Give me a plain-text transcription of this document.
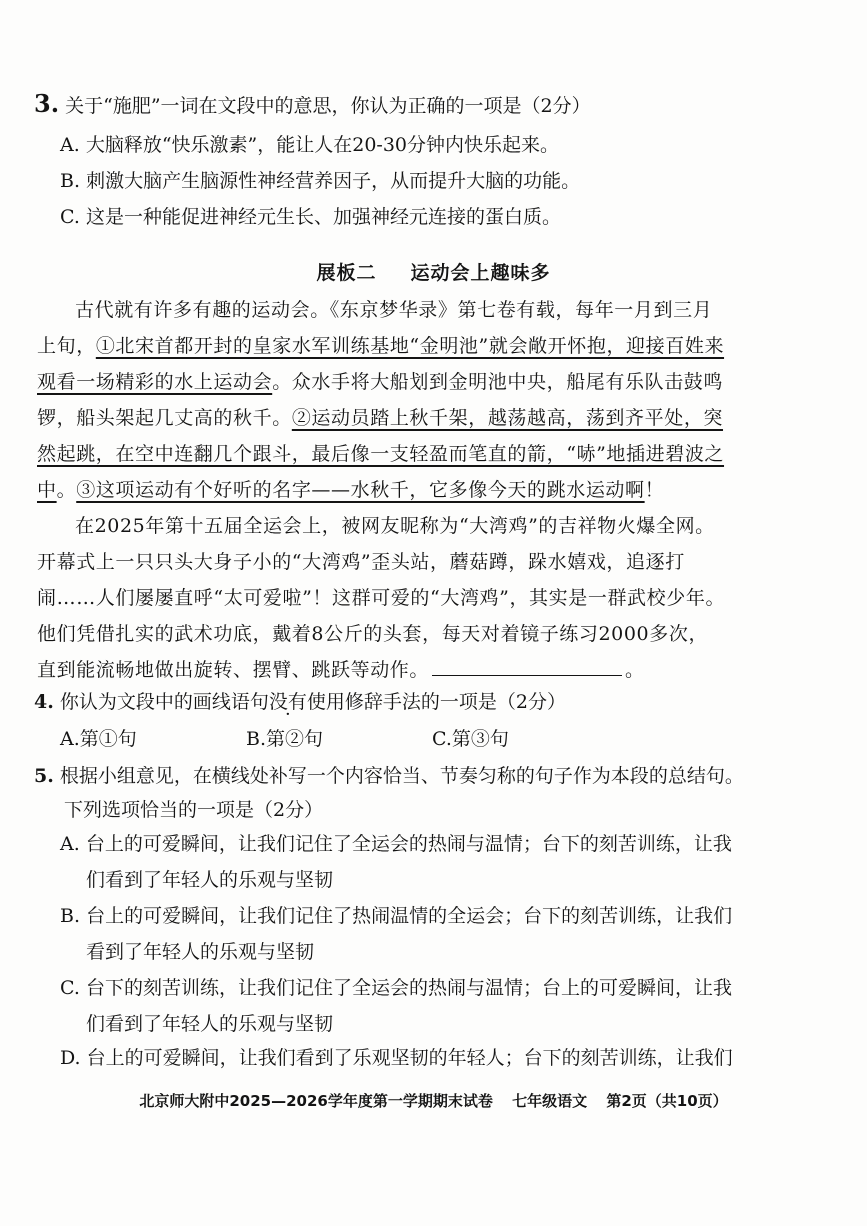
3. 关于“施肥”一词在文段中的意思，你认为正确的一项是（2分）
A. 大脑释放“快乐激素”，能让人在20-30分钟内快乐起来。
B. 刺激大脑产生脑源性神经营养因子，从而提升大脑的功能。
C. 这是一种能促进神经元生长、加强神经元连接的蛋白质。
展板二 运动会上趣味多
古代就有许多有趣的运动会。《东京梦华录》第七卷有载，每年一月到三月上旬，①北宋首都开封的皇家水军训练基地“金明池”就会敞开怀抱，迎接百姓来观看一场精彩的水上运动会。众水手将大船划到金明池中央，船尾有乐队击鼓鸣锣，船头架起几丈高的秋千。②运动员踏上秋千架，越荡越高，荡到齐平处，突然起跳，在空中连翻几个跟斗，最后像一支轻盈而笔直的箭，“哧”地插进碧波之中。③这项运动有个好听的名字——水秋千，它多像今天的跳水运动啊！
在2025年第十五届全运会上，被网友昵称为“大湾鸡”的吉祥物火爆全网。开幕式上一只只头大身子小的“大湾鸡”歪头站，蘑菇蹲，跺水嬉戏，追逐打闹……人们屡屡直呼“太可爱啦”！这群可爱的“大湾鸡”，其实是一群武校少年。他们凭借扎实的武术功底，戴着8公斤的头套，每天对着镜子练习2000多次，直到能流畅地做出旋转、摆臂、跳跃等动作。	。
4. 你认为文段中的画线语句没有使用修辞手法的一项是（2分）
A.第①句	B.第②句	C.第③句
5. 根据小组意见，在横线处补写一个内容恰当、节奏匀称的句子作为本段的总结句。
下列选项恰当的一项是（2分）
A. 台上的可爱瞬间，让我们记住了全运会的热闹与温情；台下的刻苦训练，让我
们看到了年轻人的乐观与坚韧
B. 台上的可爱瞬间，让我们记住了热闹温情的全运会；台下的刻苦训练，让我们
看到了年轻人的乐观与坚韧
C. 台下的刻苦训练，让我们记住了全运会的热闹与温情；台上的可爱瞬间，让我
们看到了年轻人的乐观与坚韧
D. 台上的可爱瞬间，让我们看到了乐观坚韧的年轻人；台下的刻苦训练，让我们
北京师大附中2025—2026学年度第一学期期末试卷 七年级语文 第2页（共10页）
